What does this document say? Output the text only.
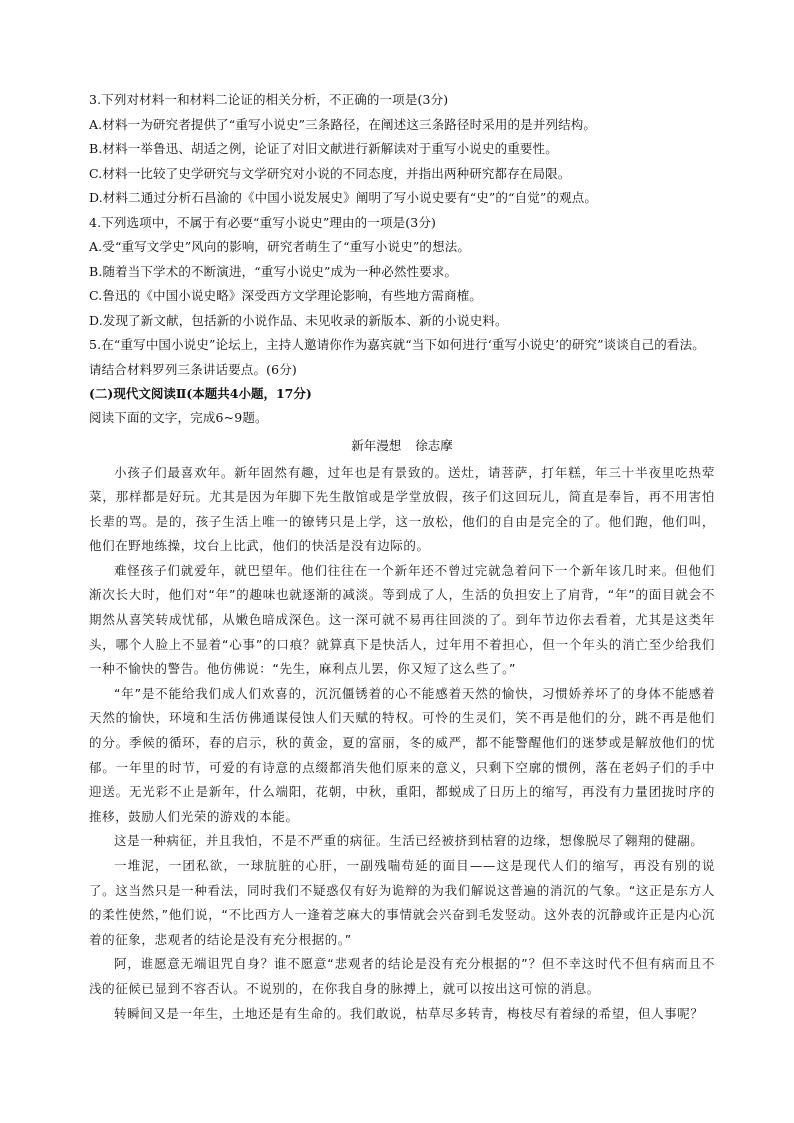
3.下列对材料一和材料二论证的相关分析，不正确的一项是(3分)
A.材料一为研究者提供了“重写小说史”三条路径，在阐述这三条路径时采用的是并列结构。
B.材料一举鲁迅、胡适之例，论证了对旧文献进行新解读对于重写小说史的重要性。
C.材料一比较了史学研究与文学研究对小说的不同态度，并指出两种研究都存在局限。
D.材料二通过分析石昌渝的《中国小说发展史》阐明了写小说史要有“史”的“自觉”的观点。
4.下列选项中，不属于有必要“重写小说史”理由的一项是(3分)
A.受“重写文学史”风向的影响，研究者萌生了“重写小说史”的想法。
B.随着当下学术的不断演进，“重写小说史”成为一种必然性要求。
C.鲁迅的《中国小说史略》深受西方文学理论影响，有些地方需商榷。
D.发现了新文献，包括新的小说作品、未见收录的新版本、新的小说史料。
5.在“重写中国小说史”论坛上，主持人邀请你作为嘉宾就“当下如何进行‘重写小说史’的研究”谈谈自己的看法。请结合材料罗列三条讲话要点。(6分)
(二)现代文阅读Ⅱ(本题共4小题，17分)
阅读下面的文字，完成6~9题。
新年漫想 徐志摩

小孩子们最喜欢年。新年固然有趣，过年也是有景致的。送灶，请菩萨，打年糕，年三十半夜里吃热荤菜，那样都是好玩。尤其是因为年脚下先生散馆或是学堂放假，孩子们这回玩儿，简直是奉旨，再不用害怕长辈的骂。是的，孩子生活上唯一的镣铐只是上学，这一放松，他们的自由是完全的了。他们跑，他们叫，他们在野地练操，坟台上比武，他们的快活是没有边际的。

难怪孩子们就爱年，就巴望年。他们往往在一个新年还不曾过完就急着问下一个新年该几时来。但他们渐次长大时，他们对“年”的趣味也就逐渐的减淡。等到成了人，生活的负担安上了肩背，“年”的面目就会不期然从喜笑转成忧郁，从嫩色暗成深色。这一深可就不易再往回淡的了。到年节边你去看着，尤其是这类年头，哪个人脸上不显着“心事”的口痕？就算真下是快活人，过年用不着担心，但一个年头的消亡至少给我们一种不愉快的警告。他仿佛说：“先生，麻利点儿罢，你又短了这么些了。”

“年”是不能给我们成人们欢喜的，沉沉僵锈着的心不能感着天然的愉快，习惯娇养坏了的身体不能感着天然的愉快，环境和生活仿佛通谋侵蚀人们天赋的特权。可怜的生灵们，笑不再是他们的分，跳不再是他们的分。季候的循环，春的启示，秋的黄金，夏的富丽，冬的威严，都不能警醒他们的迷梦或是解放他们的忧郁。一年里的时节，可爱的有诗意的点缀都消失他们原来的意义，只剩下空廓的惯例，落在老妈子们的手中迎送。无光彩不止是新年，什么端阳，花朝，中秋，重阳，都蜕成了日历上的缩写，再没有力量团拢时序的推移，鼓励人们光荣的游戏的本能。

这是一种病征，并且我怕，不是不严重的病征。生活已经被挤到枯窘的边缘，想像脱尽了翱翔的健翮。

一堆泥，一团私欲，一球肮脏的心肝，一副残喘苟延的面目——这是现代人们的缩写，再没有别的说了。这当然只是一种看法，同时我们不疑惑仅有好为诡辩的为我们解说这普遍的消沉的气象。“这正是东方人的柔性使然，”他们说，“不比西方人一逢着芝麻大的事情就会兴奋到毛发竖动。这外表的沉静或许正是内心沉着的征象，悲观者的结论是没有充分根据的。”

阿，谁愿意无端诅咒自身？谁不愿意“悲观者的结论是没有充分根据的”？但不幸这时代不但有病而且不浅的征候已显到不容否认。不说别的，在你我自身的脉搏上，就可以按出这可惊的消息。

转瞬间又是一年生，土地还是有生命的。我们敢说，枯草尽多转青，梅枝尽有着绿的希望，但人事呢？
